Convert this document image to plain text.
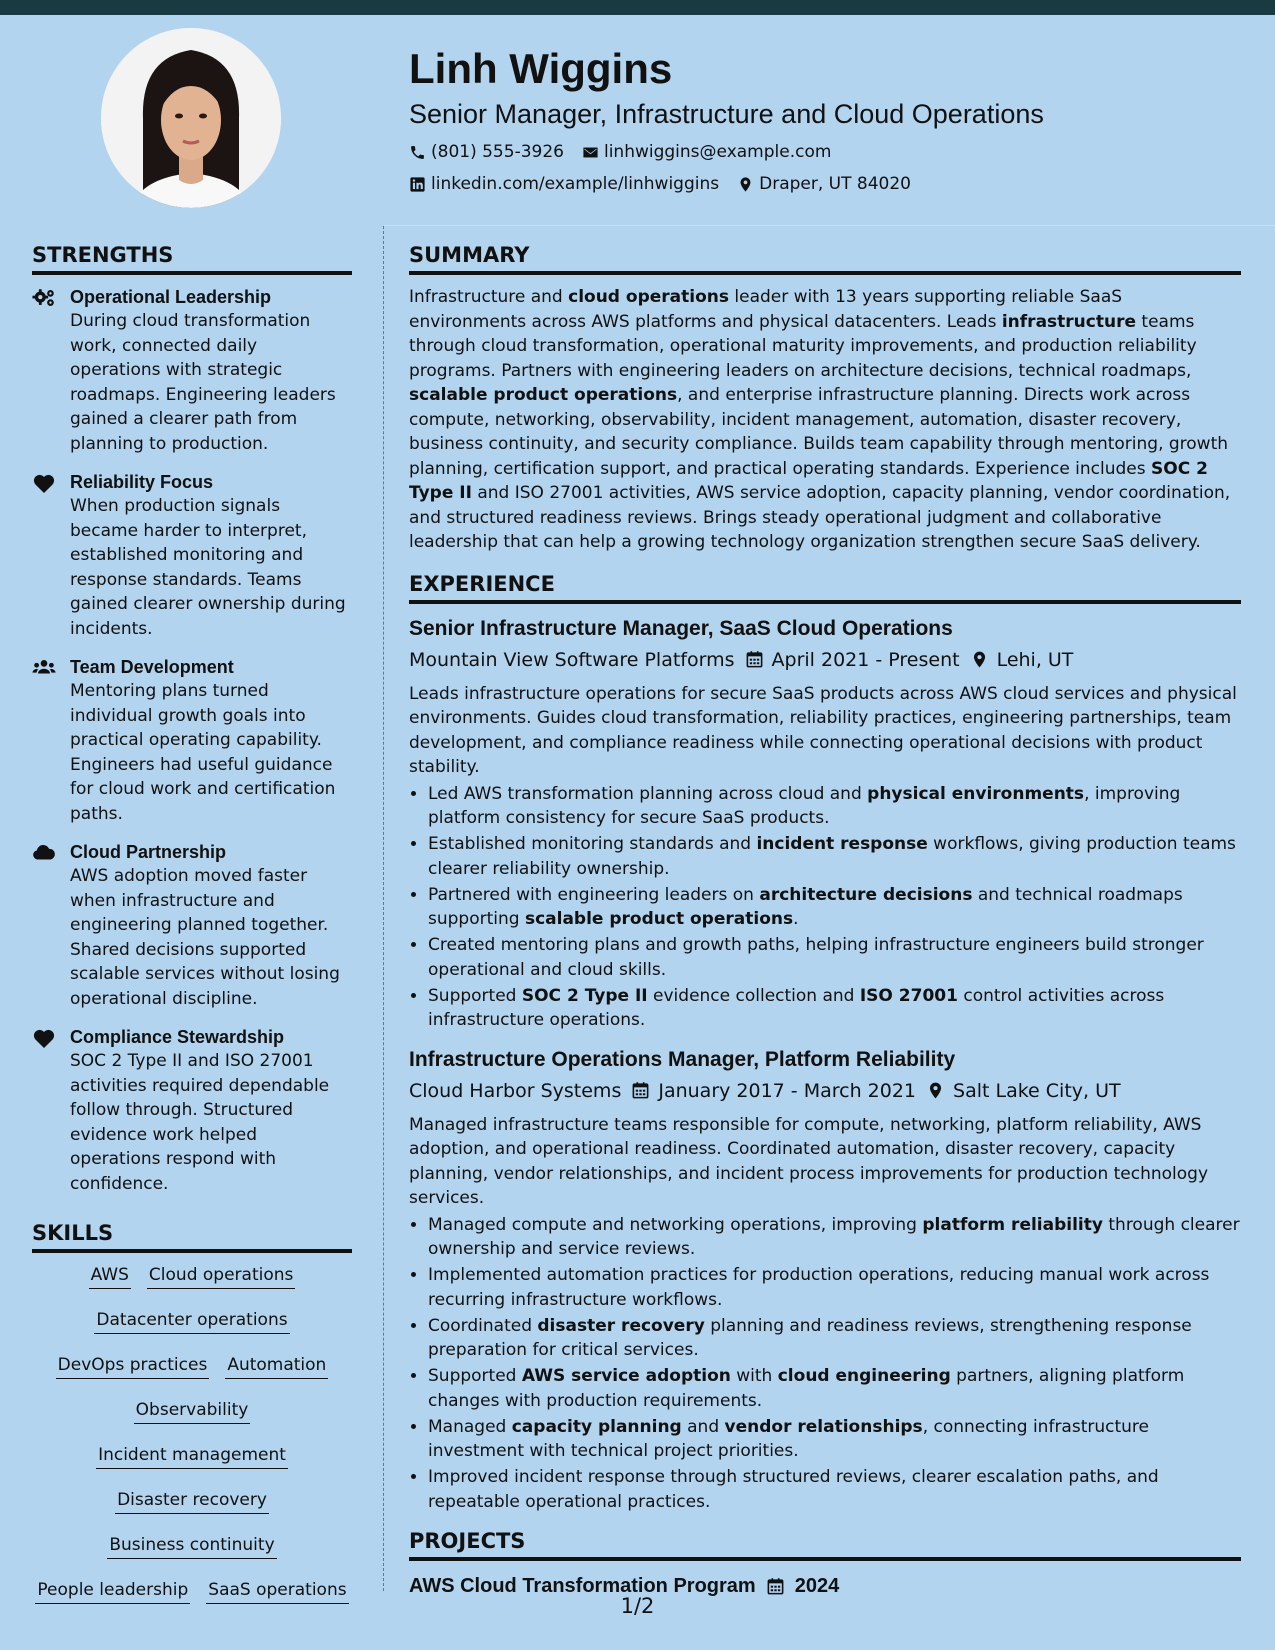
Linh Wiggins
Senior Manager, Infrastructure and Cloud Operations
(801) 555-3926 linhwiggins@example.com
linkedin.com/example/linhwiggins Draper, UT 84020
STRENGTHS
Operational Leadership
During cloud transformation work, connected daily operations with strategic roadmaps. Engineering leaders gained a clearer path from planning to production.
Reliability Focus
When production signals became harder to interpret, established monitoring and response standards. Teams gained clearer ownership during incidents.
Team Development
Mentoring plans turned individual growth goals into practical operating capability. Engineers had useful guidance for cloud work and certification paths.
Cloud Partnership
AWS adoption moved faster when infrastructure and engineering planned together. Shared decisions supported scalable services without losing operational discipline.
Compliance Stewardship
SOC 2 Type II and ISO 27001 activities required dependable follow through. Structured evidence work helped operations respond with confidence.
SKILLS
AWS Cloud operations
Datacenter operations
DevOps practices Automation
Observability
Incident management
Disaster recovery
Business continuity
People leadership SaaS operations
SUMMARY

Infrastructure and cloud operations leader with 13 years supporting reliable SaaS environments across AWS platforms and physical datacenters. Leads infrastructure teams through cloud transformation, operational maturity improvements, and production reliability programs. Partners with engineering leaders on architecture decisions, technical roadmaps, scalable product operations, and enterprise infrastructure planning. Directs work across compute, networking, observability, incident management, automation, disaster recovery, business continuity, and security compliance. Builds team capability through mentoring, growth planning, certification support, and practical operating standards. Experience includes SOC 2 Type II and ISO 27001 activities, AWS service adoption, capacity planning, vendor coordination, and structured readiness reviews. Brings steady operational judgment and collaborative leadership that can help a growing technology organization strengthen secure SaaS delivery.

EXPERIENCE
Senior Infrastructure Manager, SaaS Cloud Operations
Mountain View Software Platforms April 2021 - Present Lehi, UT

Leads infrastructure operations for secure SaaS products across AWS cloud services and physical environments. Guides cloud transformation, reliability practices, engineering partnerships, team development, and compliance readiness while connecting operational decisions with product stability.

• Led AWS transformation planning across cloud and physical environments, improving platform consistency for secure SaaS products.
• Established monitoring standards and incident response workflows, giving production teams clearer reliability ownership.
• Partnered with engineering leaders on architecture decisions and technical roadmaps supporting scalable product operations.
• Created mentoring plans and growth paths, helping infrastructure engineers build stronger operational and cloud skills.
• Supported SOC 2 Type II evidence collection and ISO 27001 control activities across infrastructure operations.
Infrastructure Operations Manager, Platform Reliability
Cloud Harbor Systems January 2017 - March 2021 Salt Lake City, UT

Managed infrastructure teams responsible for compute, networking, platform reliability, AWS adoption, and operational readiness. Coordinated automation, disaster recovery, capacity planning, vendor relationships, and incident process improvements for production technology services.

• Managed compute and networking operations, improving platform reliability through clearer ownership and service reviews.
• Implemented automation practices for production operations, reducing manual work across recurring infrastructure workflows.
• Coordinated disaster recovery planning and readiness reviews, strengthening response preparation for critical services.
• Supported AWS service adoption with cloud engineering partners, aligning platform changes with production requirements.
• Managed capacity planning and vendor relationships, connecting infrastructure investment with technical project priorities.
• Improved incident response through structured reviews, clearer escalation paths, and repeatable operational practices.
PROJECTS
AWS Cloud Transformation Program 2024
1/2
